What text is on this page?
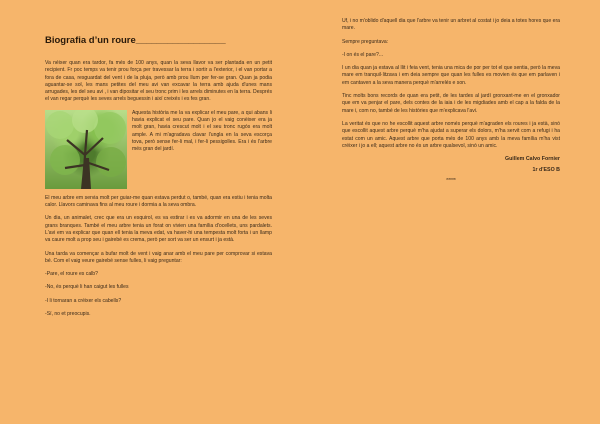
Biografia d’un roure_________________

Va néixer quan era tardor, fa més de 100 anys, quan la seva llavor va ser plantada en un petit recipient. Fr poc temps va tenir prou força per travessar la terra i sortir a l'exterior, i el van portar a fora de casa, resguardat del vent i de la pluja, però amb prou llum per fer-se gran. Quan ja podia aguantar-se sol, les mans petites del meu avi van excavar la terra amb ajuda d'unes mans arrugades, les del seu avi , i van dipositar el seu tronc prim i les arrels diminutes en la terra. Després el van regar perquè les seves arrels beguessin i així creixés i es fes gran.

Aquesta història me la va explicar el meu pare, a qui abans li havia explicat el seu pare. Quan jo el vaig conèixer era ja molt gran, havia crescut molt i el seu tronc rugós era molt ample. A mi m'agradava clavar l'ungla en la seva escorça tova, però sense fer-li mal, i fer-li pessigolles. Era i és l'arbre més gran del jardí.

El meu arbre em servia molt per guiar-me quan estava perdut o, també, quan era estiu i tenia molta calor. Llavors caminava fins al meu roure i dormia a la seva ombra.

Un dia, un animalet, crec que era un esquirol, es va estirar i es va adormir en una de les seves grans branques. També el meu arbre tenia un forat on vivien una família d'ocellets, uns pardalets. L'avi em va explicar que quan ell tenia la meva edat, va haver-hi una tempesta molt forta i un llamp va caure molt a prop seu i gairebé es crema, però per sort va ser un ensurt i ja està.

Una tarda va començar a bufar molt de vent i vaig anar amb el meu pare per comprovar si estava bé. Com el vaig veure gairebé sense fulles, li vaig preguntar:

-Pare, el roure es calb?

-No, és perquè li han caigut les fulles

-I li tornaran a créixer els cabells?

-Sí, no et preocupis.

Uf, i no m'oblido d'aquell dia que l'arbre va tenir un arbret al costat i jo deia a totes hores que era mare.

Sempre preguntava:

-I on és el pare?...

I un dia quan ja estava al llit i feia vent, tenia una mica de por per tot el que sentia, però la meva mare em tranquil·litzava i em deia sempre que quan les fulles es movien és que em parlaven i em cantaven a la seva manera perquè m'arrelés e son.

Tinc molts bons records de quan era petit, de les tardes al jardí gronxant-me en el gronxador que em va penjar el pare, dels contes de la iaia i de les migdiades amb el cap a la falda de la mare i, com no, també de les històries que m'explicava l'avi.

La veritat és que no he escollit aquest arbre només perquè m'agraden els roures i ja està, sinó que escollit aquest arbre perquè m'ha ajudat a superar els dolors, m'ha servit com a refugi i ha estat com un amic. Aquest arbre que porta més de 100 anys amb la meva família m'ha vist créixer i jo a ell; aquest arbre no és un arbre qualsevol, sinó un amic.

Guillem Calvo Fornier
1r d'ESO B
*****
